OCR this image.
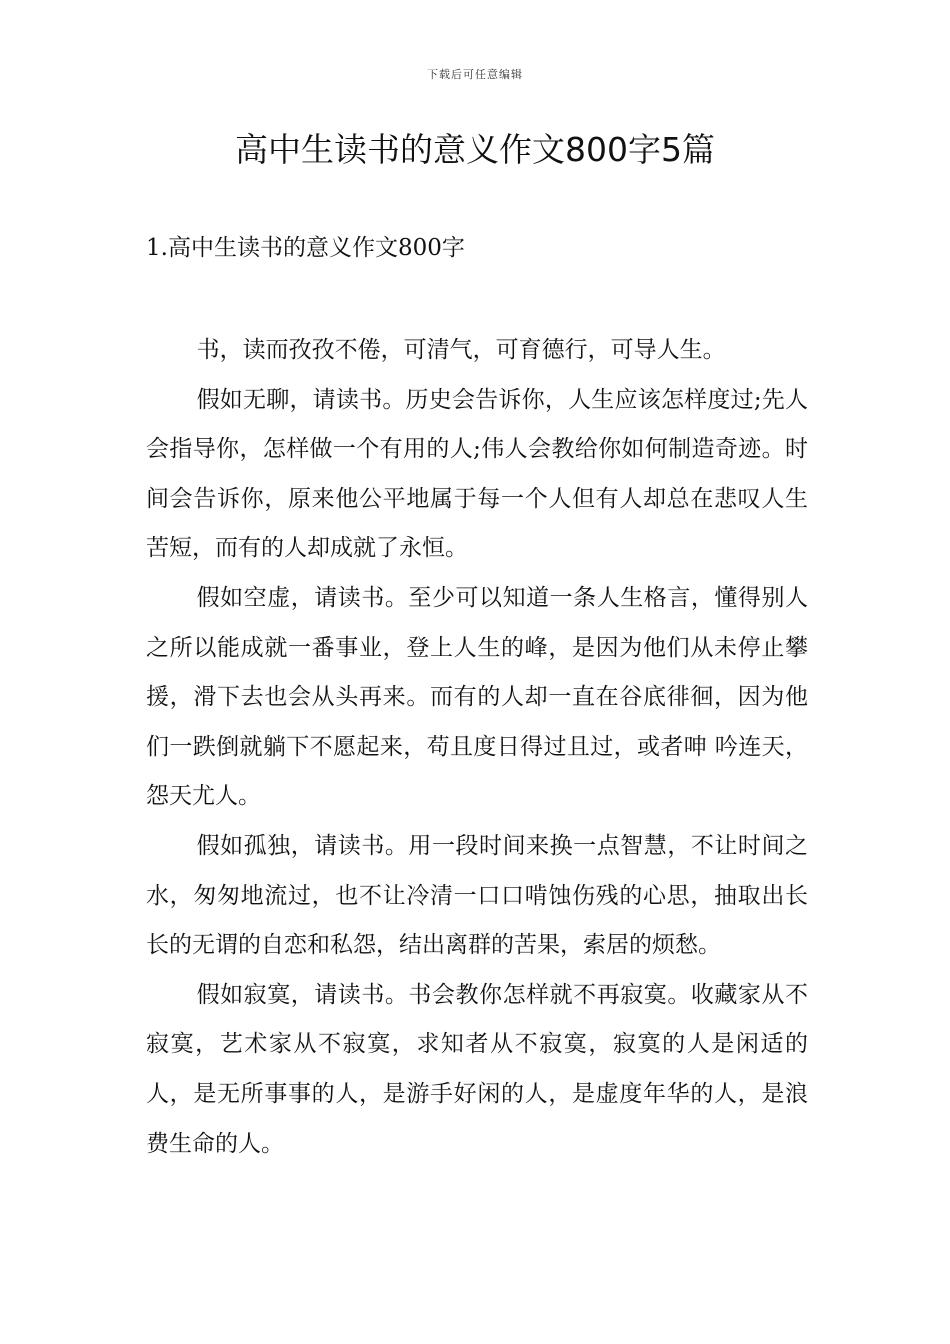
下载后可任意编辑
高中生读书的意义作文800字5篇
1.高中生读书的意义作文800字

书，读而孜孜不倦，可清气，可育德行，可导人生。

假如无聊，请读书。历史会告诉你，人生应该怎样度过;先人会指导你，怎样做一个有用的人;伟人会教给你如何制造奇迹。时间会告诉你，原来他公平地属于每一个人但有人却总在悲叹人生苦短，而有的人却成就了永恒。

假如空虚，请读书。至少可以知道一条人生格言，懂得别人之所以能成就一番事业，登上人生的峰，是因为他们从未停止攀援，滑下去也会从头再来。而有的人却一直在谷底徘徊，因为他们一跌倒就躺下不愿起来，苟且度日得过且过，或者呻 吟连天，怨天尤人。

假如孤独，请读书。用一段时间来换一点智慧，不让时间之水，匆匆地流过，也不让冷清一口口啃蚀伤残的心思，抽取出长长的无谓的自恋和私怨，结出离群的苦果，索居的烦愁。

假如寂寞，请读书。书会教你怎样就不再寂寞。收藏家从不寂寞，艺术家从不寂寞，求知者从不寂寞，寂寞的人是闲适的人，是无所事事的人，是游手好闲的人，是虚度年华的人，是浪费生命的人。
